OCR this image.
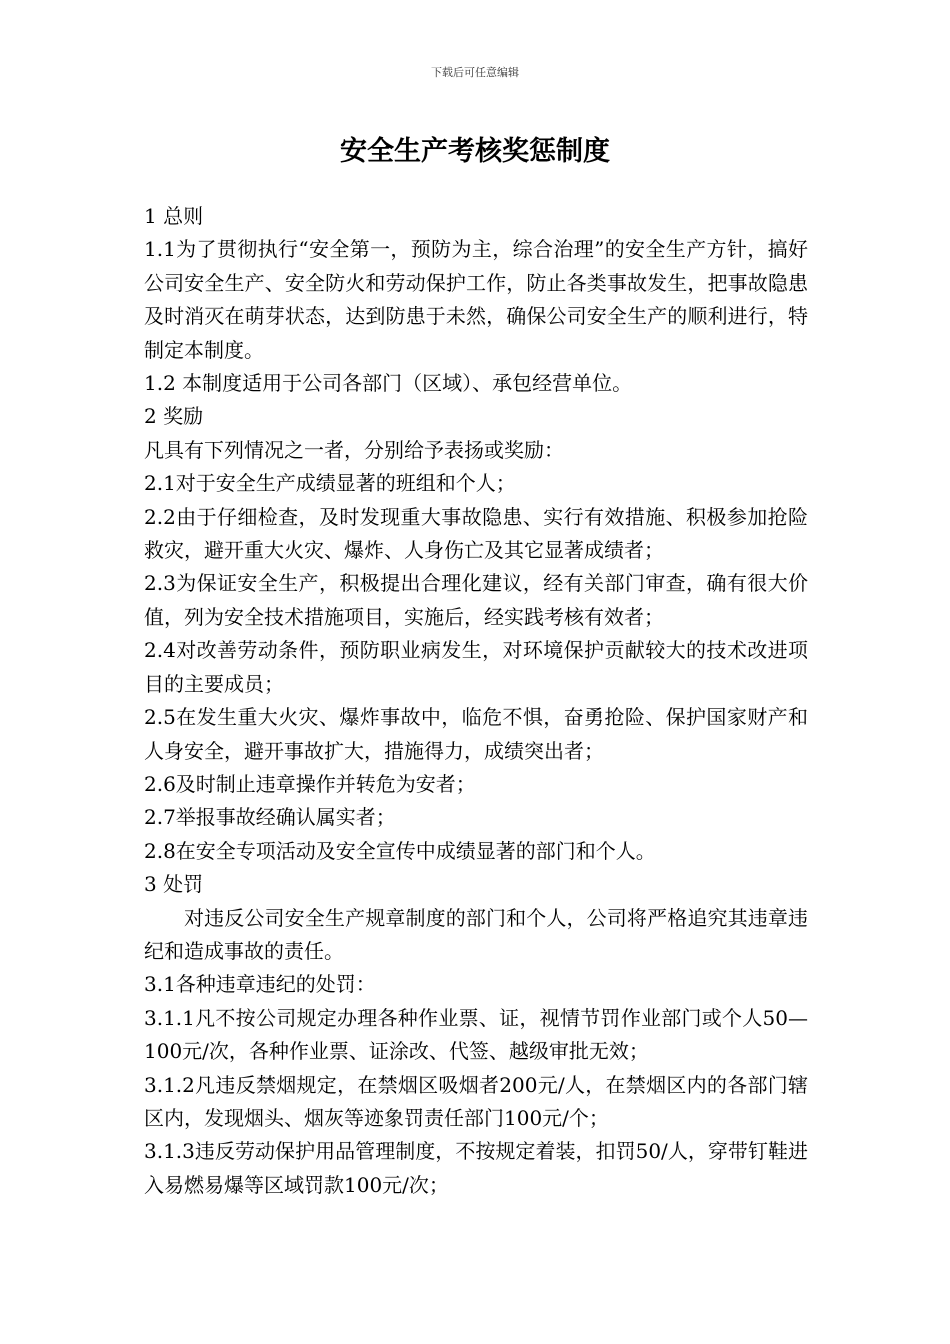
下载后可任意编辑
安全生产考核奖惩制度

1 总则

1.1为了贯彻执行“安全第一，预防为主，综合治理”的安全生产方针，搞好公司安全生产、安全防火和劳动保护工作，防止各类事故发生，把事故隐患及时消灭在萌芽状态，达到防患于未然，确保公司安全生产的顺利进行，特制定本制度。

1.2 本制度适用于公司各部门（区域）、承包经营单位。

2 奖励

凡具有下列情况之一者，分别给予表扬或奖励：

2.1对于安全生产成绩显著的班组和个人；

2.2由于仔细检查，及时发现重大事故隐患、实行有效措施、积极参加抢险救灾，避开重大火灾、爆炸、人身伤亡及其它显著成绩者；

2.3为保证安全生产，积极提出合理化建议，经有关部门审查，确有很大价值，列为安全技术措施项目，实施后，经实践考核有效者；

2.4对改善劳动条件，预防职业病发生，对环境保护贡献较大的技术改进项目的主要成员；

2.5在发生重大火灾、爆炸事故中，临危不惧，奋勇抢险、保护国家财产和人身安全，避开事故扩大，措施得力，成绩突出者；

2.6及时制止违章操作并转危为安者；

2.7举报事故经确认属实者；

2.8在安全专项活动及安全宣传中成绩显著的部门和个人。

3 处罚

对违反公司安全生产规章制度的部门和个人，公司将严格追究其违章违纪和造成事故的责任。

3.1各种违章违纪的处罚：

3.1.1凡不按公司规定办理各种作业票、证，视情节罚作业部门或个人50—100元/次，各种作业票、证涂改、代签、越级审批无效；

3.1.2凡违反禁烟规定，在禁烟区吸烟者200元/人，在禁烟区内的各部门辖区内，发现烟头、烟灰等迹象罚责任部门100元/个；

3.1.3违反劳动保护用品管理制度，不按规定着装，扣罚50/人，穿带钉鞋进入易燃易爆等区域罚款100元/次；
